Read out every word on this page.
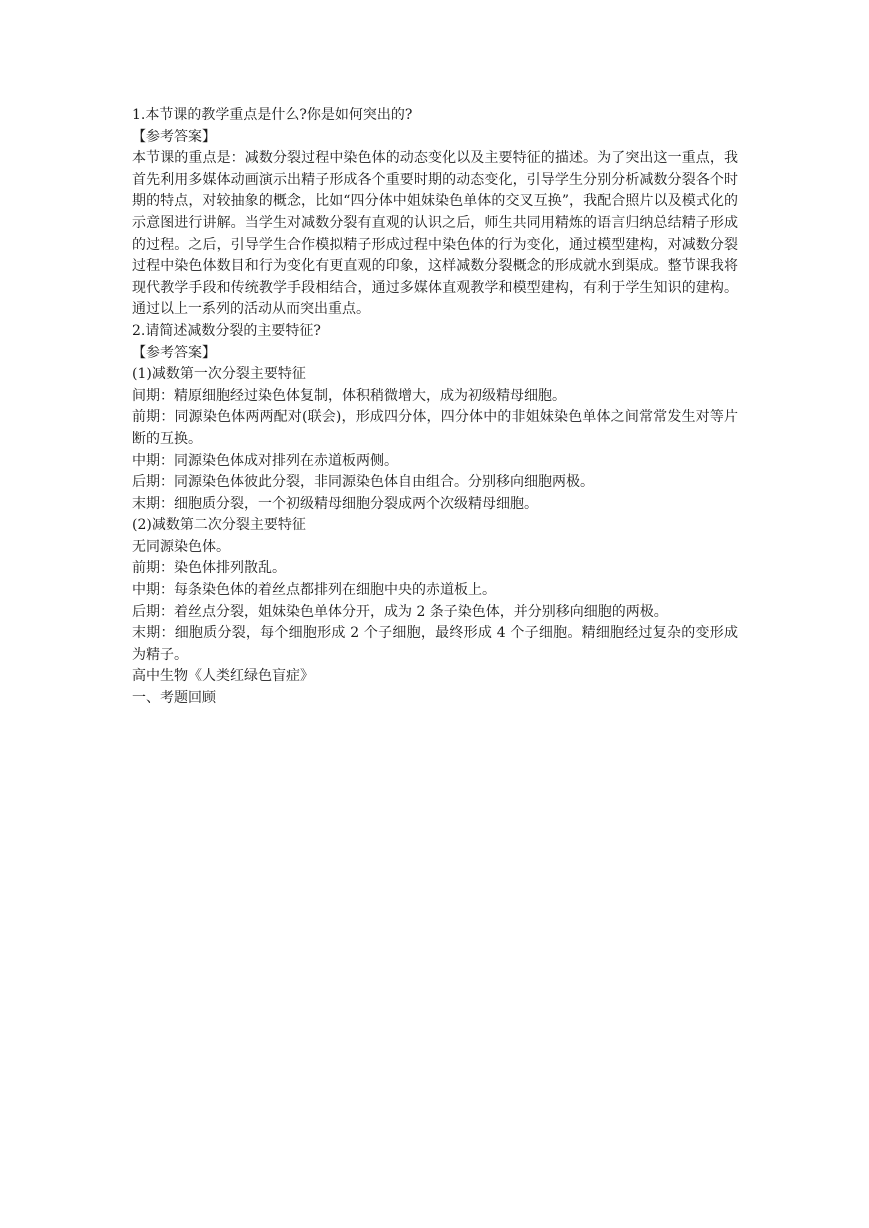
1.本节课的教学重点是什么?你是如何突出的?
【参考答案】
本节课的重点是：减数分裂过程中染色体的动态变化以及主要特征的描述。为了突出这一重点，我首先利用多媒体动画演示出精子形成各个重要时期的动态变化，引导学生分别分析减数分裂各个时期的特点，对较抽象的概念，比如“四分体中姐妹染色单体的交叉互换”，我配合照片以及模式化的示意图进行讲解。当学生对减数分裂有直观的认识之后，师生共同用精炼的语言归纳总结精子形成的过程。之后，引导学生合作模拟精子形成过程中染色体的行为变化，通过模型建构，对减数分裂过程中染色体数目和行为变化有更直观的印象，这样减数分裂概念的形成就水到渠成。整节课我将现代教学手段和传统教学手段相结合，通过多媒体直观教学和模型建构，有利于学生知识的建构。通过以上一系列的活动从而突出重点。
2.请简述减数分裂的主要特征?
【参考答案】
(1)减数第一次分裂主要特征
间期：精原细胞经过染色体复制，体积稍微增大，成为初级精母细胞。
前期：同源染色体两两配对(联会)，形成四分体，四分体中的非姐妹染色单体之间常常发生对等片断的互换。
中期：同源染色体成对排列在赤道板两侧。
后期：同源染色体彼此分裂，非同源染色体自由组合。分别移向细胞两极。
末期：细胞质分裂，一个初级精母细胞分裂成两个次级精母细胞。
(2)减数第二次分裂主要特征
无同源染色体。
前期：染色体排列散乱。
中期：每条染色体的着丝点都排列在细胞中央的赤道板上。
后期：着丝点分裂，姐妹染色单体分开，成为 2 条子染色体，并分别移向细胞的两极。
末期：细胞质分裂，每个细胞形成 2 个子细胞，最终形成 4 个子细胞。精细胞经过复杂的变形成为精子。
高中生物《人类红绿色盲症》
一、考题回顾
